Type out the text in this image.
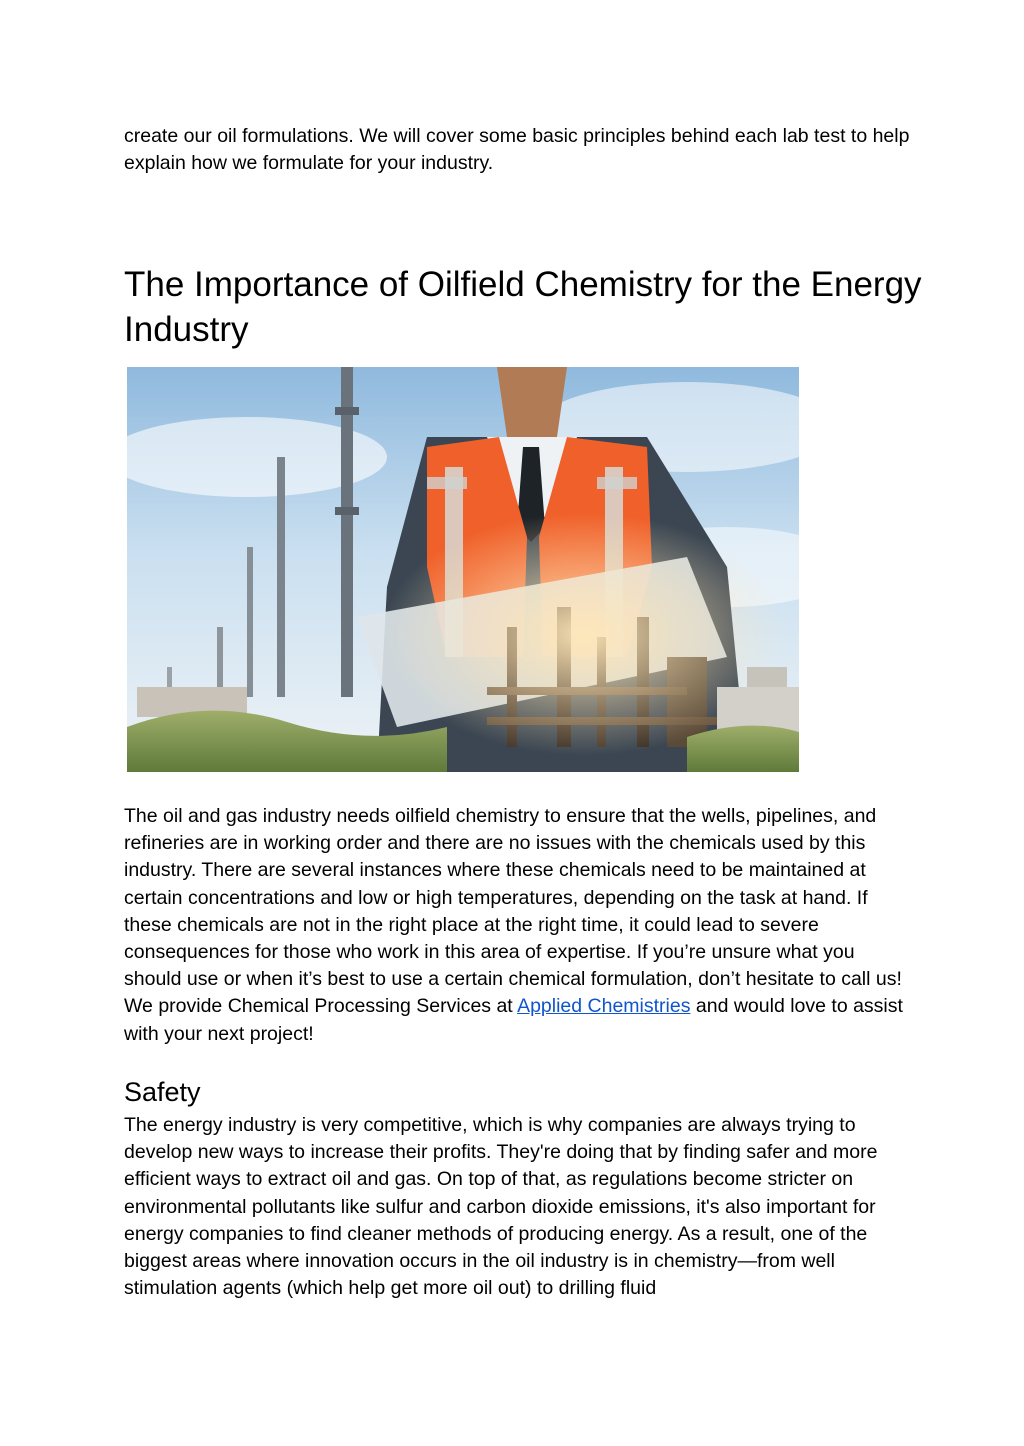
create our oil formulations. We will cover some basic principles behind each lab test to help explain how we formulate for your industry.

The Importance of Oilfield Chemistry for the Energy Industry

The oil and gas industry needs oilfield chemistry to ensure that the wells, pipelines, and refineries are in working order and there are no issues with the chemicals used by this industry. There are several instances where these chemicals need to be maintained at certain concentrations and low or high temperatures, depending on the task at hand. If these chemicals are not in the right place at the right time, it could lead to severe consequences for those who work in this area of expertise. If you’re unsure what you should use or when it’s best to use a certain chemical formulation, don’t hesitate to call us! We provide Chemical Processing Services at Applied Chemistries and would love to assist with your next project!

Safety

The energy industry is very competitive, which is why companies are always trying to develop new ways to increase their profits. They're doing that by finding safer and more efficient ways to extract oil and gas. On top of that, as regulations become stricter on environmental pollutants like sulfur and carbon dioxide emissions, it's also important for energy companies to find cleaner methods of producing energy. As a result, one of the biggest areas where innovation occurs in the oil industry is in chemistry—from well stimulation agents (which help get more oil out) to drilling fluid
